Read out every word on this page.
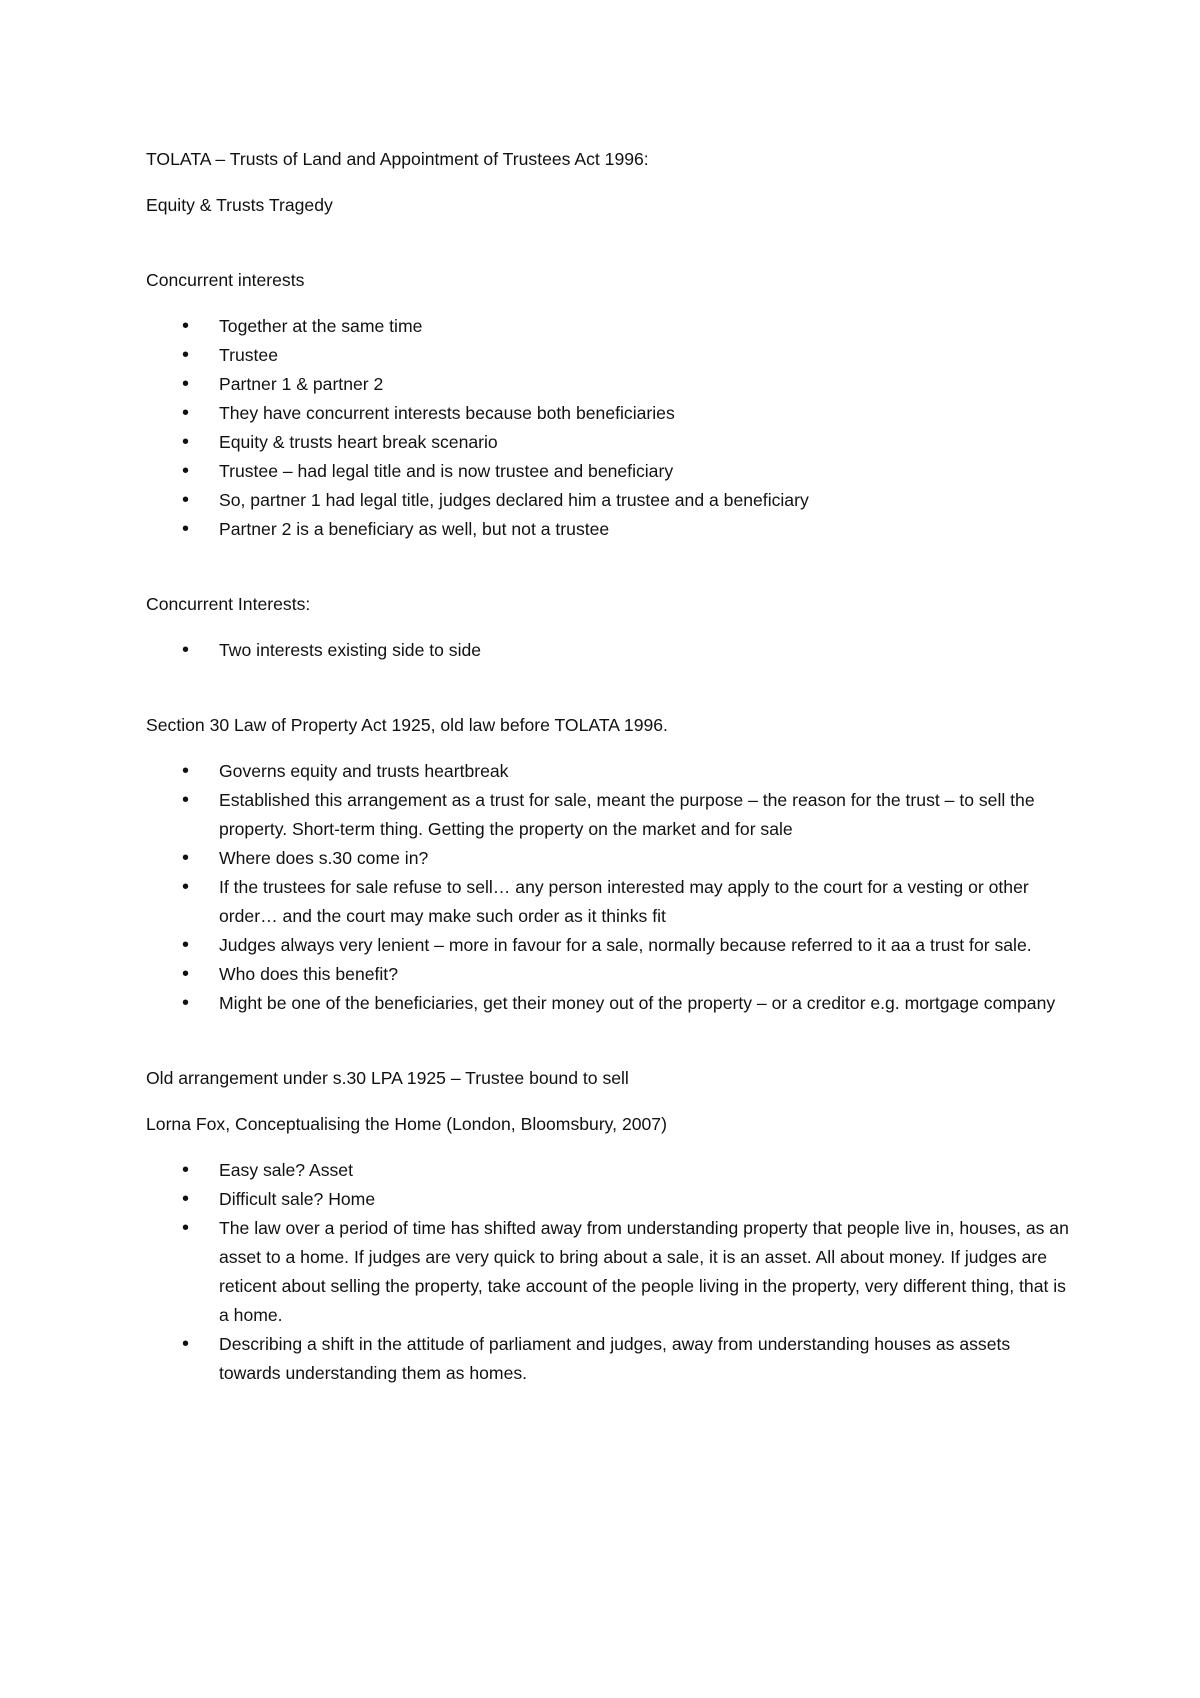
TOLATA – Trusts of Land and Appointment of Trustees Act 1996:

Equity & Trusts Tragedy

Concurrent interests

• Together at the same time
• Trustee
• Partner 1 & partner 2
• They have concurrent interests because both beneficiaries
• Equity & trusts heart break scenario
• Trustee – had legal title and is now trustee and beneficiary
• So, partner 1 had legal title, judges declared him a trustee and a beneficiary
• Partner 2 is a beneficiary as well, but not a trustee

Concurrent Interests:

• Two interests existing side to side

Section 30 Law of Property Act 1925, old law before TOLATA 1996.

• Governs equity and trusts heartbreak
• Established this arrangement as a trust for sale, meant the purpose – the reason for the trust – to sell the property. Short-term thing. Getting the property on the market and for sale
• Where does s.30 come in?
• If the trustees for sale refuse to sell… any person interested may apply to the court for a vesting or other order… and the court may make such order as it thinks fit
• Judges always very lenient – more in favour for a sale, normally because referred to it aa a trust for sale.
• Who does this benefit?
• Might be one of the beneficiaries, get their money out of the property – or a creditor e.g. mortgage company

Old arrangement under s.30 LPA 1925 – Trustee bound to sell

Lorna Fox, Conceptualising the Home (London, Bloomsbury, 2007)

• Easy sale? Asset
• Difficult sale? Home
• The law over a period of time has shifted away from understanding property that people live in, houses, as an asset to a home. If judges are very quick to bring about a sale, it is an asset. All about money. If judges are reticent about selling the property, take account of the people living in the property, very different thing, that is a home.
• Describing a shift in the attitude of parliament and judges, away from understanding houses as assets towards understanding them as homes.
